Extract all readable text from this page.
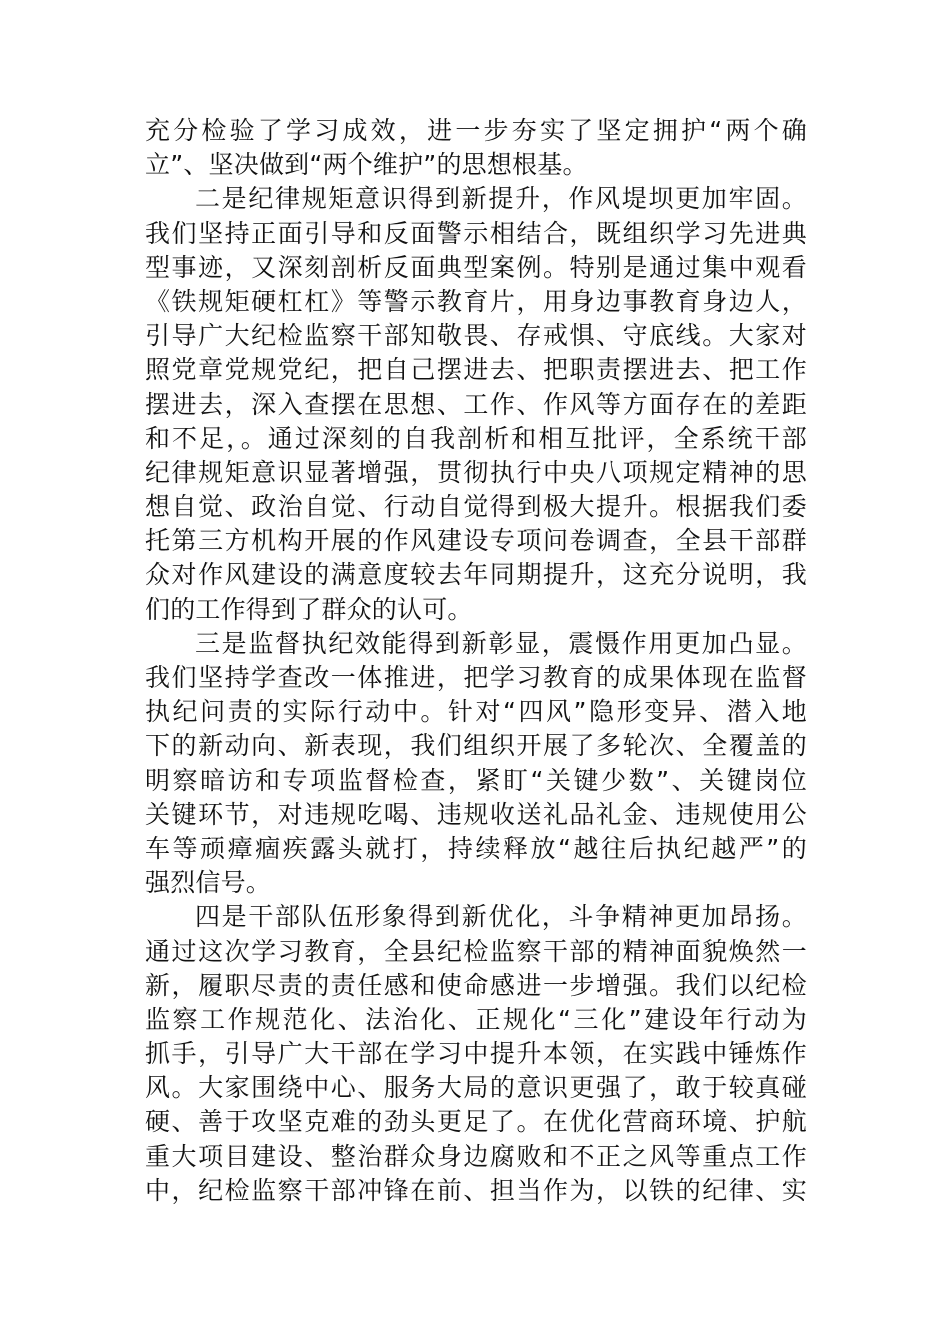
充分检验了学习成效，进一步夯实了坚定拥护“两个确
立”、坚决做到“两个维护”的思想根基。
二是纪律规矩意识得到新提升，作风堤坝更加牢固。
我们坚持正面引导和反面警示相结合，既组织学习先进典
型事迹，又深刻剖析反面典型案例。特别是通过集中观看
《铁规矩硬杠杠》等警示教育片，用身边事教育身边人，
引导广大纪检监察干部知敬畏、存戒惧、守底线。大家对
照党章党规党纪，把自己摆进去、把职责摆进去、把工作
摆进去，深入查摆在思想、工作、作风等方面存在的差距
和不足，。通过深刻的自我剖析和相互批评，全系统干部
纪律规矩意识显著增强，贯彻执行中央八项规定精神的思
想自觉、政治自觉、行动自觉得到极大提升。根据我们委
托第三方机构开展的作风建设专项问卷调查，全县干部群
众对作风建设的满意度较去年同期提升，这充分说明，我
们的工作得到了群众的认可。
三是监督执纪效能得到新彰显，震慑作用更加凸显。
我们坚持学查改一体推进，把学习教育的成果体现在监督
执纪问责的实际行动中。针对“四风”隐形变异、潜入地
下的新动向、新表现，我们组织开展了多轮次、全覆盖的
明察暗访和专项监督检查，紧盯“关键少数”、关键岗位
关键环节，对违规吃喝、违规收送礼品礼金、违规使用公
车等顽瘴痼疾露头就打，持续释放“越往后执纪越严”的
强烈信号。
四是干部队伍形象得到新优化，斗争精神更加昂扬。
通过这次学习教育，全县纪检监察干部的精神面貌焕然一
新，履职尽责的责任感和使命感进一步增强。我们以纪检
监察工作规范化、法治化、正规化“三化”建设年行动为
抓手，引导广大干部在学习中提升本领，在实践中锤炼作
风。大家围绕中心、服务大局的意识更强了，敢于较真碰
硬、善于攻坚克难的劲头更足了。在优化营商环境、护航
重大项目建设、整治群众身边腐败和不正之风等重点工作
中，纪检监察干部冲锋在前、担当作为，以铁的纪律、实
